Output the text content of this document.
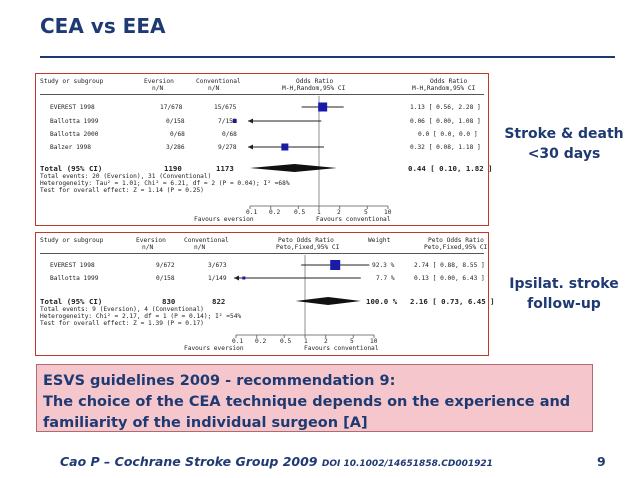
CEA vs EEA
Study or subgroup	Eversion
n/N
Conventional
n/N
Odds Ratio
M-H,Random,95% CI
Odds Ratio
M-H,Random,95% CI
EVEREST 1998	17/678	15/675	1.13 [ 0.56, 2.28 ]
Ballotta 1999	0/158	7/152	0.06 [ 0.00, 1.08 ]
Ballotta 2000	0/68	0/68	0.0 [ 0.0, 0.0 ]
Balzer 1998	3/286	9/278	0.32 [ 0.08, 1.18 ]
Total (95% CI)	1190	1173	0.44 [ 0.10, 1.82 ]
Total events: 20 (Eversion), 31 (Conventional)
Heterogeneity: Tau² = 1.01; Chi² = 6.21, df = 2 (P = 0.04); I² =68%
Test for overall effect: Z = 1.14 (P = 0.25)
0.1 0.2 0.5 1	2	5	10
Favours eversion	Favours conventional
Study or subgroup	Eversion
n/N
Conventional
n/N
Peto Odds Ratio
Peto,Fixed,95% CI
Weight	Peto Odds Ratio
Peto,Fixed,95% CI
EVEREST 1998	9/672	3/673	92.3 %	2.74 [ 0.88, 8.55 ]
Ballotta 1999	0/158	1/149	7.7 %	0.13 [ 0.00, 6.43 ]
Total (95% CI)	830	822	100.0 % 2.16 [ 0.73, 6.45 ]
Total events: 9 (Eversion), 4 (Conventional)
Heterogeneity: Chi² = 2.17, df = 1 (P = 0.14); I² =54%
Test for overall effect: Z = 1.39 (P = 0.17)
0.1 0.2 0.5 1	2	5	10
Favours eversion	Favours conventional
Stroke & death
<30 days
Ipsilat. stroke
follow-up
ESVS guidelines 2009 - recommendation 9:
The choice of the CEA technique depends on the experience and
familiarity of the individual surgeon [A]
Cao P – Cochrane Stroke Group 2009 DOI 10.1002/14651858.CD001921	9
